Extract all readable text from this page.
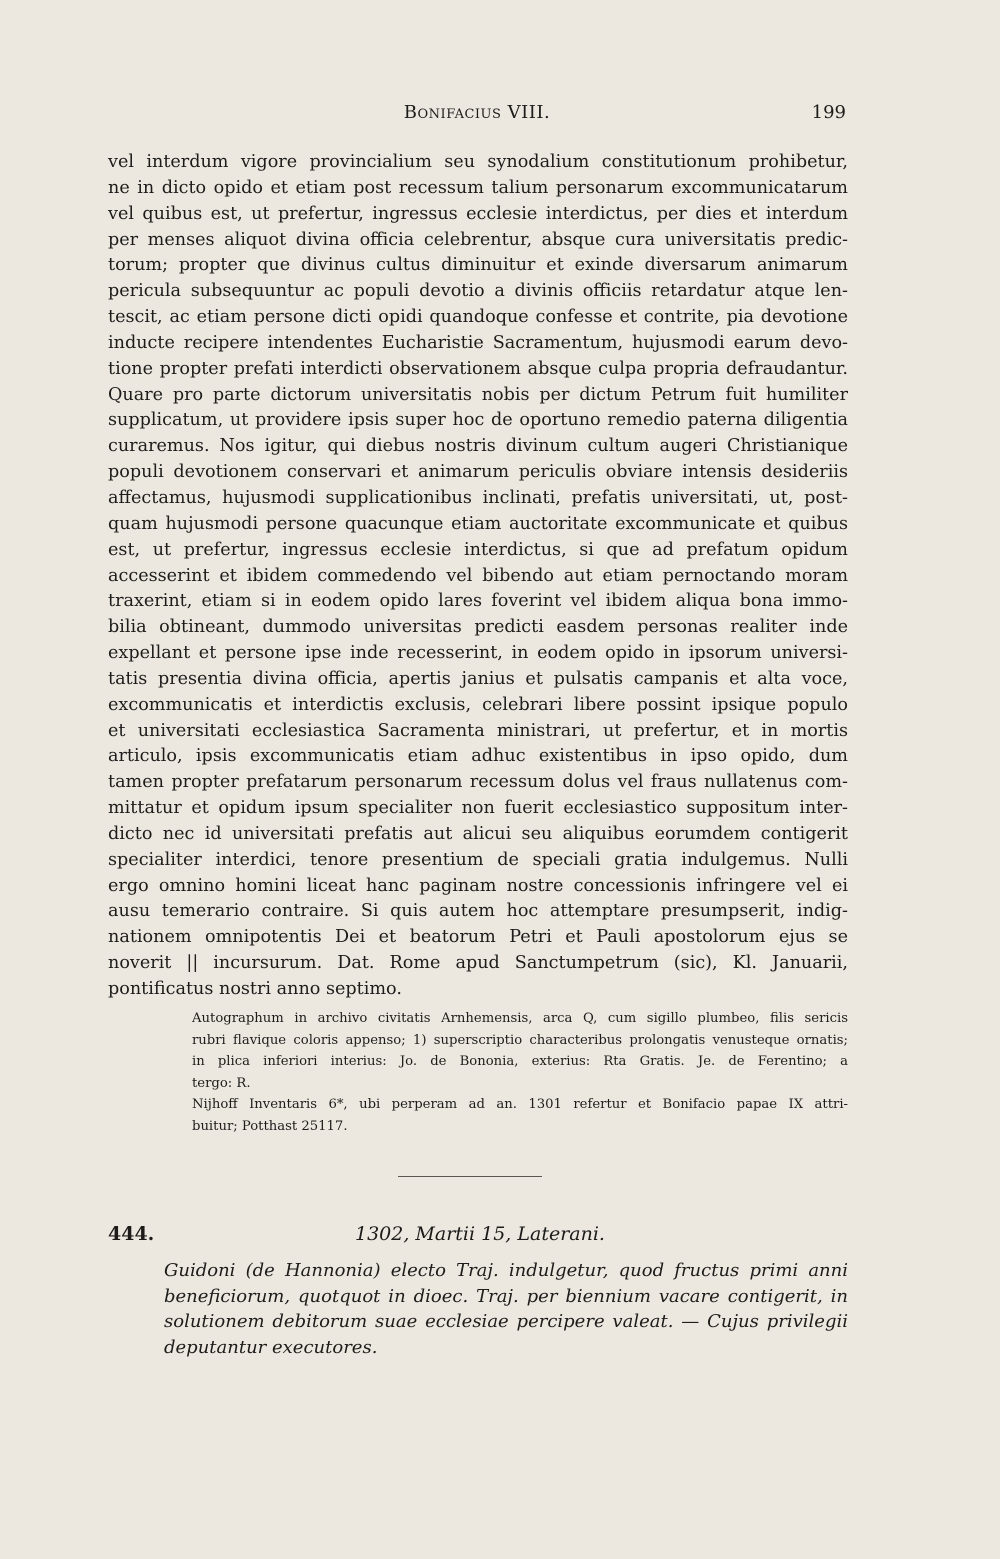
Bonifacius VIII.	199
vel interdum vigore provincialium seu synodalium constitutionum prohibetur,
ne in dicto opido et etiam post recessum talium personarum excommunicatarum
vel quibus est, ut prefertur, ingressus ecclesie interdictus, per dies et interdum
per menses aliquot divina officia celebrentur, absque cura universitatis predic-
torum; propter que divinus cultus diminuitur et exinde diversarum animarum
pericula subsequuntur ac populi devotio a divinis officiis retardatur atque len-
tescit, ac etiam persone dicti opidi quandoque confesse et contrite, pia devotione
inducte recipere intendentes Eucharistie Sacramentum, hujusmodi earum devo-
tione propter prefati interdicti observationem absque culpa propria defraudantur.
Quare pro parte dictorum universitatis nobis per dictum Petrum fuit humiliter
supplicatum, ut providere ipsis super hoc de oportuno remedio paterna diligentia
curaremus. Nos igitur, qui diebus nostris divinum cultum augeri Christianique
populi devotionem conservari et animarum periculis obviare intensis desideriis
affectamus, hujusmodi supplicationibus inclinati, prefatis universitati, ut, post-
quam hujusmodi persone quacunque etiam auctoritate excommunicate et quibus
est, ut prefertur, ingressus ecclesie interdictus, si que ad prefatum opidum
accesserint et ibidem commedendo vel bibendo aut etiam pernoctando moram
traxerint, etiam si in eodem opido lares foverint vel ibidem aliqua bona immo-
bilia obtineant, dummodo universitas predicti easdem personas realiter inde
expellant et persone ipse inde recesserint, in eodem opido in ipsorum universi-
tatis presentia divina officia, apertis janius et pulsatis campanis et alta voce,
excommunicatis et interdictis exclusis, celebrari libere possint ipsique populo
et universitati ecclesiastica Sacramenta ministrari, ut prefertur, et in mortis
articulo, ipsis excommunicatis etiam adhuc existentibus in ipso opido, dum
tamen propter prefatarum personarum recessum dolus vel fraus nullatenus com-
mittatur et opidum ipsum specialiter non fuerit ecclesiastico suppositum inter-
dicto nec id universitati prefatis aut alicui seu aliquibus eorumdem contigerit
specialiter interdici, tenore presentium de speciali gratia indulgemus. Nulli
ergo omnino homini liceat hanc paginam nostre concessionis infringere vel ei
ausu temerario contraire. Si quis autem hoc attemptare presumpserit, indig-
nationem omnipotentis Dei et beatorum Petri et Pauli apostolorum ejus se
noverit || incursurum. Dat. Rome apud Sanctumpetrum (sic), Kl. Januarii,
pontificatus nostri anno septimo.
Autographum in archivo civitatis Arnhemensis, arca Q, cum sigillo plumbeo, filis sericis
rubri flavique coloris appenso; 1) superscriptio characteribus prolongatis venusteque ornatis;
in plica inferiori interius: Jo. de Bononia, exterius: Rta Gratis. Je. de Ferentino; a
tergo: R.
Nijhoff Inventaris 6*, ubi perperam ad an. 1301 refertur et Bonifacio papae IX attri-
buitur; Potthast 25117.
444.	1302, Martii 15, Laterani.
Guidoni (de Hannonia) electo Traj. indulgetur, quod fructus primi anni
beneficiorum, quotquot in dioec. Traj. per biennium vacare contigerit, in
solutionem debitorum suae ecclesiae percipere valeat. — Cujus privilegii
deputantur executores.
